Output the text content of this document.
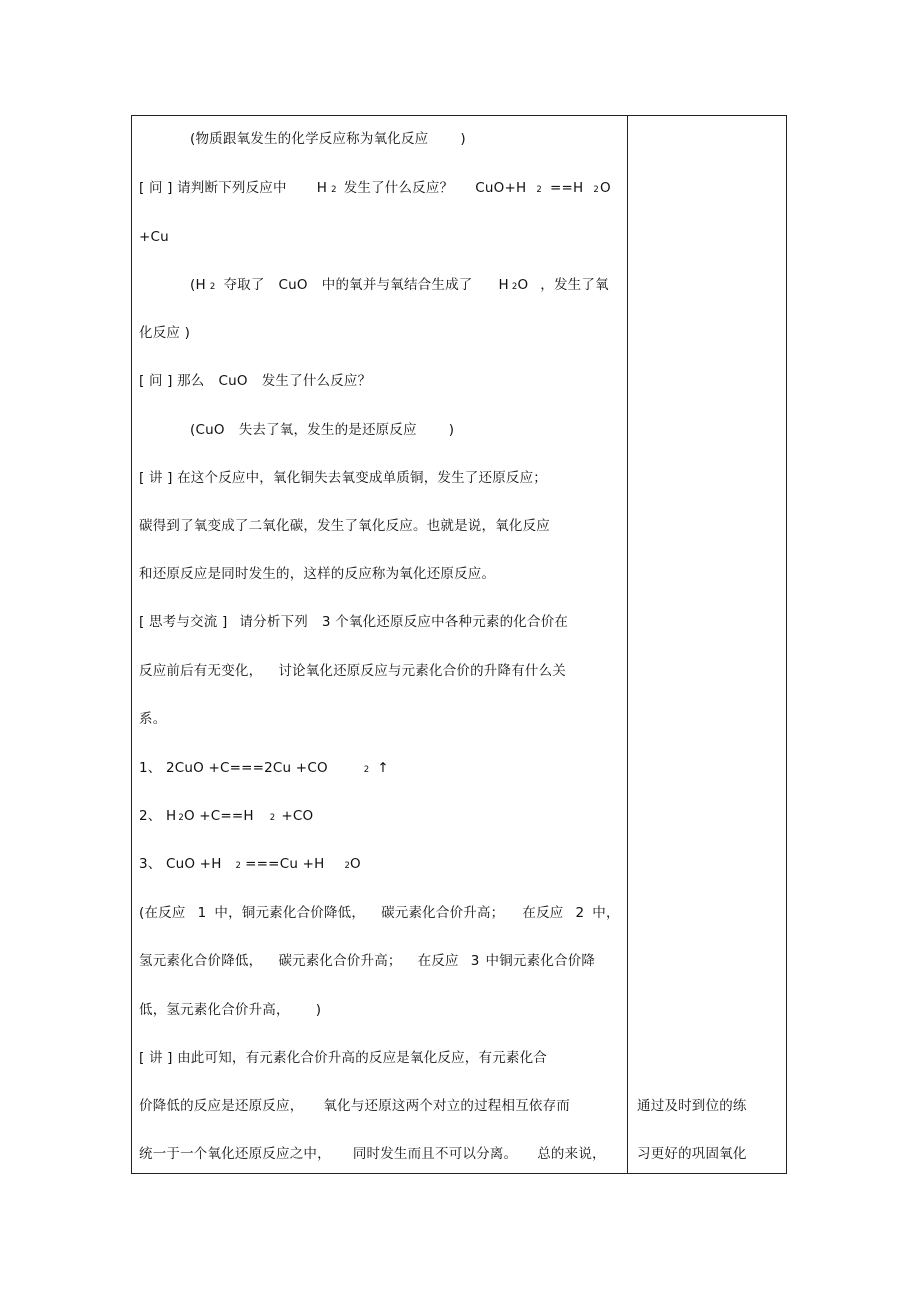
(物质跟氧发生的化学反应称为氧化反应 )
[ 问 ] 请判断下列反应中 H 2 发生了什么反应？ CuO+H 2 ==H 2O
+Cu
(H 2 夺取了 CuO 中的氧并与氧结合生成了 H 2O ，发生了氧
化反应 )
[ 问 ] 那么 CuO 发生了什么反应？
(CuO 失去了氧，发生的是还原反应 )
[ 讲 ] 在这个反应中，氧化铜失去氧变成单质铜，发生了还原反应；
碳得到了氧变成了二氧化碳，发生了氧化反应。也就是说，氧化反应
和还原反应是同时发生的，这样的反应称为氧化还原反应。
[ 思考与交流 ] 请分析下列 3 个氧化还原反应中各种元素的化合价在
反应前后有无变化， 讨论氧化还原反应与元素化合价的升降有什么关
系。
1、 2CuO +C===2Cu +CO	2 ↑
2、 H 2O +C==H 2 +CO
3、 CuO +H 2 ===Cu +H 2O
(在反应 1 中，铜元素化合价降低， 碳元素化合价升高； 在反应 2 中，
氢元素化合价降低， 碳元素化合价升高； 在反应 3 中铜元素化合价降
低，氢元素化合价升高， )
[ 讲 ] 由此可知，有元素化合价升高的反应是氧化反应，有元素化合
价降低的反应是还原反应， 氧化与还原这两个对立的过程相互依存而
统一于一个氧化还原反应之中， 同时发生而且不可以分离。 总的来说，
通过及时到位的练
习更好的巩固氧化
